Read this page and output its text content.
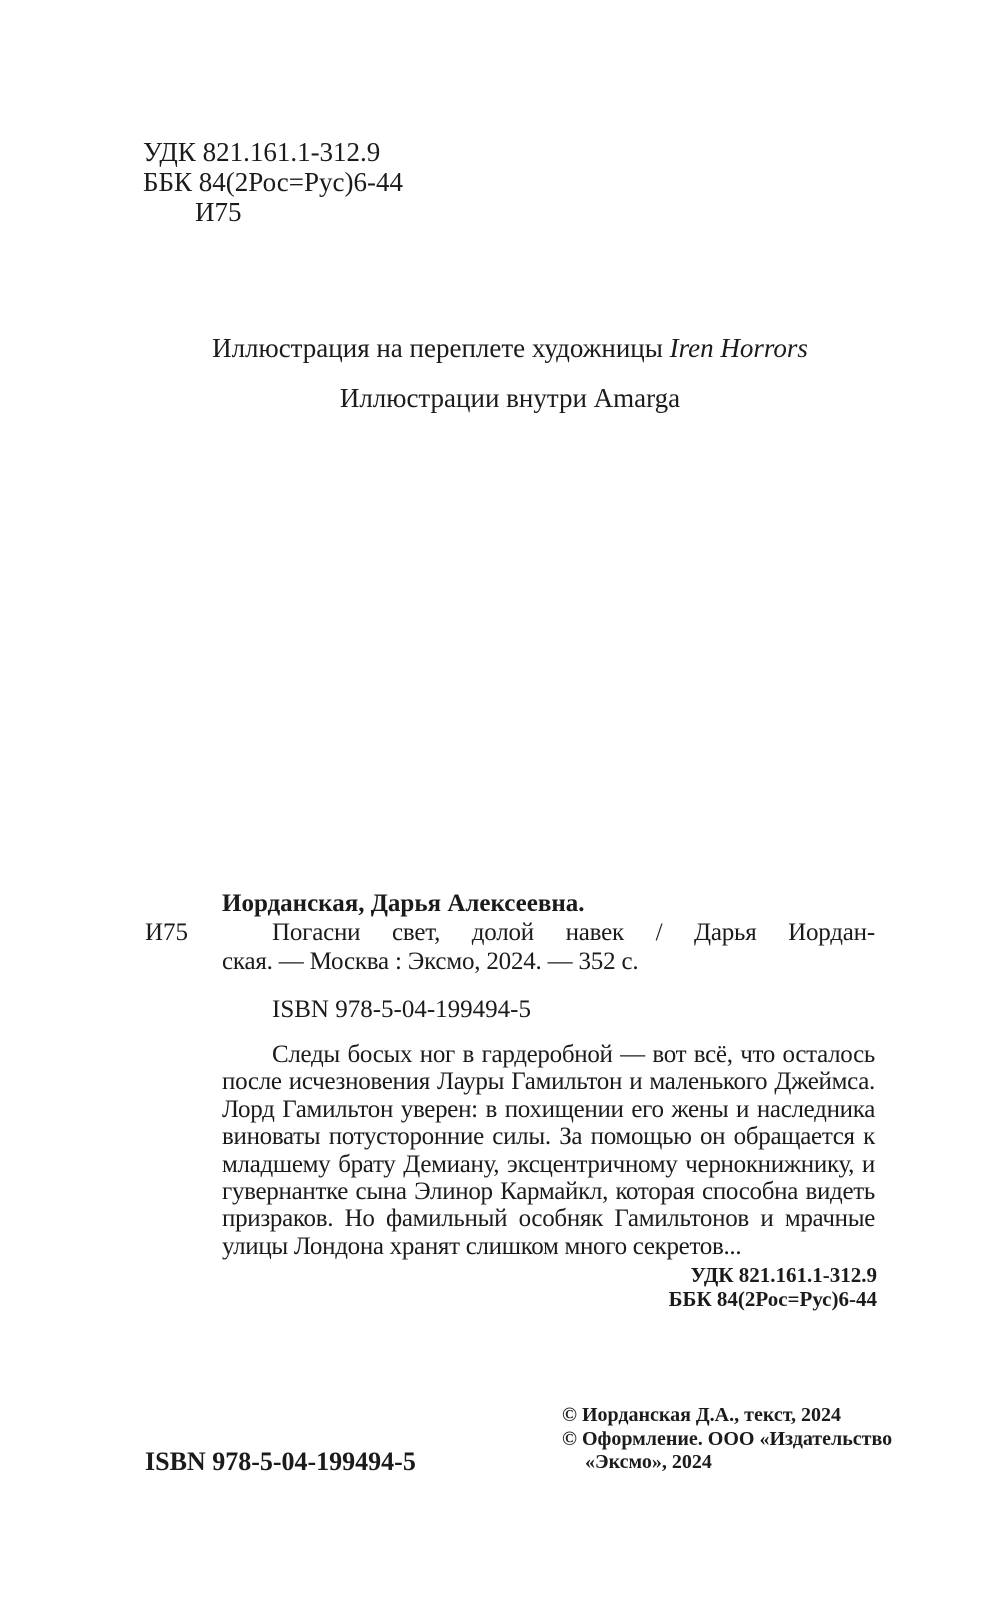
УДК 821.161.1-312.9
ББК 84(2Рос=Рус)6-44
И75
Иллюстрация на переплете художницы Iren Horrors
Иллюстрации внутри Amarga
И75
Иорданская, Дарья Алексеевна.
Погасни свет, долой навек / Дарья Иордан-
ская. — Москва : Эксмо, 2024. — 352 с.
ISBN 978-5-04-199494-5
Следы босых ног в гардеробной — вот всё, что осталось
после исчезновения Лауры Гамильтон и маленького Джеймса.
Лорд Гамильтон уверен: в похищении его жены и наследника
виноваты потусторонние силы. За помощью он обращается к
младшему брату Демиану, эксцентричному чернокнижнику, и
гувернантке сына Элинор Кармайкл, которая способна видеть
призраков. Но фамильный особняк Гамильтонов и мрачные
улицы Лондона хранят слишком много секретов...
УДК 821.161.1-312.9
ББК 84(2Рос=Рус)6-44
© Иорданская Д.А., текст, 2024
© Оформление. ООО «Издательство
«Эксмо», 2024
ISBN 978-5-04-199494-5
